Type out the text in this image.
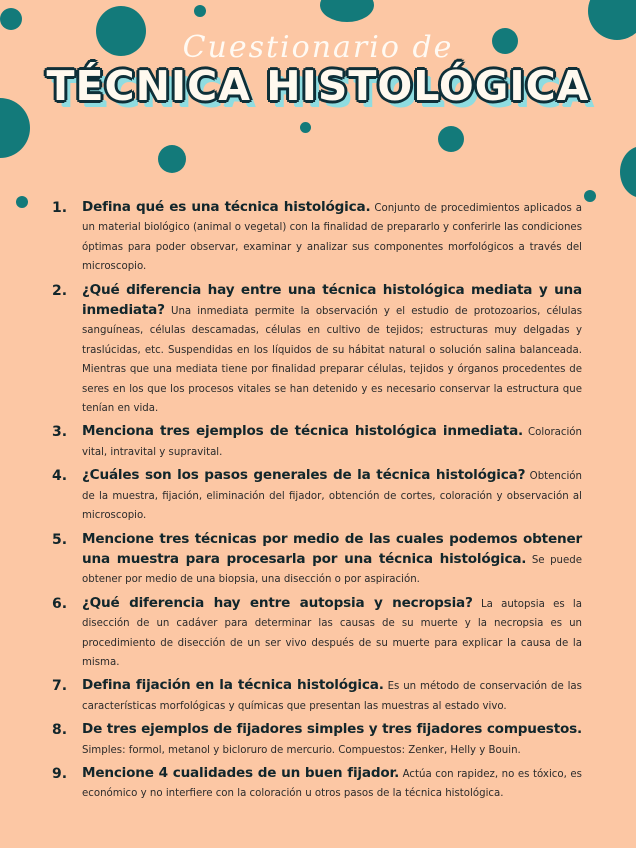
Cuestionario de
TÉCNICA HISTOLÓGICA
1.	Defina qué es una técnica histológica. Conjunto de procedimientos aplicados a un material biológico (animal o vegetal) con la finalidad de prepararlo y conferirle las condiciones óptimas para poder observar, examinar y analizar sus componentes morfológicos a través del microscopio.
2.	¿Qué diferencia hay entre una técnica histológica mediata y una inmediata? Una inmediata permite la observación y el estudio de protozoarios, células sanguíneas, células descamadas, células en cultivo de tejidos; estructuras muy delgadas y traslúcidas, etc. Suspendidas en los líquidos de su hábitat natural o solución salina balanceada. Mientras que una mediata tiene por finalidad preparar células, tejidos y órganos procedentes de seres en los que los procesos vitales se han detenido y es necesario conservar la estructura que tenían en vida.
3.	Menciona tres ejemplos de técnica histológica inmediata. Coloración vital, intravital y supravital.
4.	¿Cuáles son los pasos generales de la técnica histológica? Obtención de la muestra, fijación, eliminación del fijador, obtención de cortes, coloración y observación al microscopio.
5.	Mencione tres técnicas por medio de las cuales podemos obtener una muestra para procesarla por una técnica histológica. Se puede obtener por medio de una biopsia, una disección o por aspiración.
6.	¿Qué diferencia hay entre autopsia y necropsia? La autopsia es la disección de un cadáver para determinar las causas de su muerte y la necropsia es un procedimiento de disección de un ser vivo después de su muerte para explicar la causa de la misma.
7.	Defina fijación en la técnica histológica. Es un método de conservación de las características morfológicas y químicas que presentan las muestras al estado vivo.
8.	De tres ejemplos de fijadores simples y tres fijadores compuestos. Simples: formol, metanol y bicloruro de mercurio. Compuestos: Zenker, Helly y Bouin.
9.	Mencione 4 cualidades de un buen fijador. Actúa con rapidez, no es tóxico, es económico y no interfiere con la coloración u otros pasos de la técnica histológica.
